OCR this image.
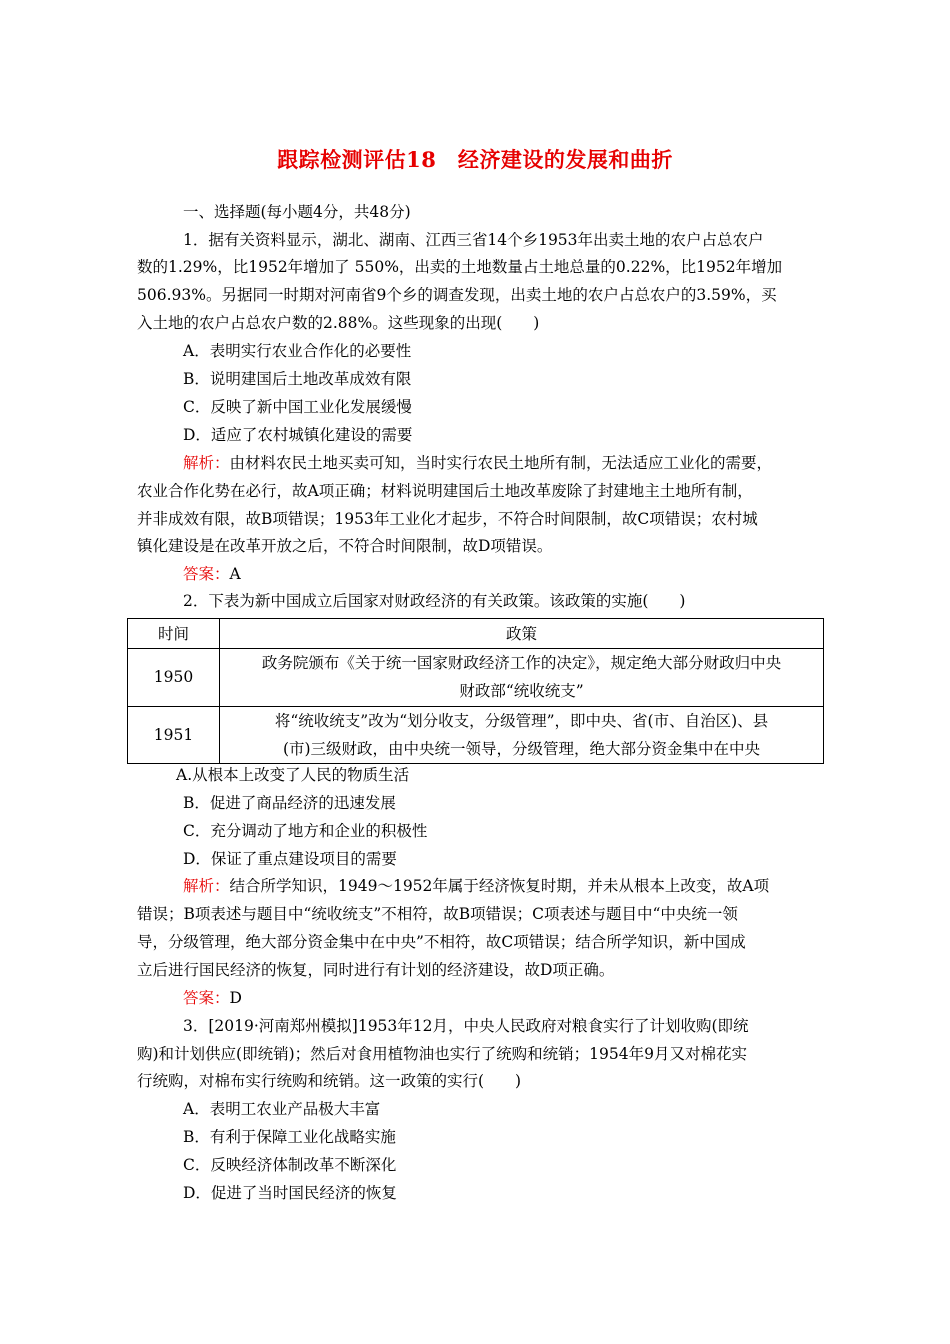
跟踪检测评估18　经济建设的发展和曲折
一、选择题(每小题4分，共48分)
1．据有关资料显示，湖北、湖南、江西三省14个乡1953年出卖土地的农户占总农户
数的1.29%，比1952年增加了 550%，出卖的土地数量占土地总量的0.22%，比1952年增加
506.93%。另据同一时期对河南省9个乡的调查发现，出卖土地的农户占总农户的3.59%，买
入土地的农户占总农户数的2.88%。这些现象的出现(　　)
A．表明实行农业合作化的必要性
B．说明建国后土地改革成效有限
C．反映了新中国工业化发展缓慢
D．适应了农村城镇化建设的需要
解析：由材料农民土地买卖可知，当时实行农民土地所有制，无法适应工业化的需要，
农业合作化势在必行，故A项正确；材料说明建国后土地改革废除了封建地主土地所有制，
并非成效有限，故B项错误；1953年工业化才起步，不符合时间限制，故C项错误；农村城
镇化建设是在改革开放之后，不符合时间限制，故D项错误。
答案：A
2．下表为新中国成立后国家对财政经济的有关政策。该政策的实施(　　)
时间	政策
1950	政务院颁布《关于统一国家财政经济工作的决定》，规定绝大部分财政归中央
财政部“统收统支”

1951	将“统收统支”改为“划分收支，分级管理”，即中央、省(市、自治区)、县
(市)三级财政，由中央统一领导，分级管理，绝大部分资金集中在中央
A.从根本上改变了人民的物质生活
B．促进了商品经济的迅速发展
C．充分调动了地方和企业的积极性
D．保证了重点建设项目的需要
解析：结合所学知识，1949～1952年属于经济恢复时期，并未从根本上改变，故A项
错误；B项表述与题目中“统收统支”不相符，故B项错误；C项表述与题目中“中央统一领
导，分级管理，绝大部分资金集中在中央”不相符，故C项错误；结合所学知识，新中国成
立后进行国民经济的恢复，同时进行有计划的经济建设，故D项正确。
答案：D
3．[2019·河南郑州模拟]1953年12月，中央人民政府对粮食实行了计划收购(即统
购)和计划供应(即统销)；然后对食用植物油也实行了统购和统销；1954年9月又对棉花实
行统购，对棉布实行统购和统销。这一政策的实行(　　)
A．表明工农业产品极大丰富
B．有利于保障工业化战略实施
C．反映经济体制改革不断深化
D．促进了当时国民经济的恢复
